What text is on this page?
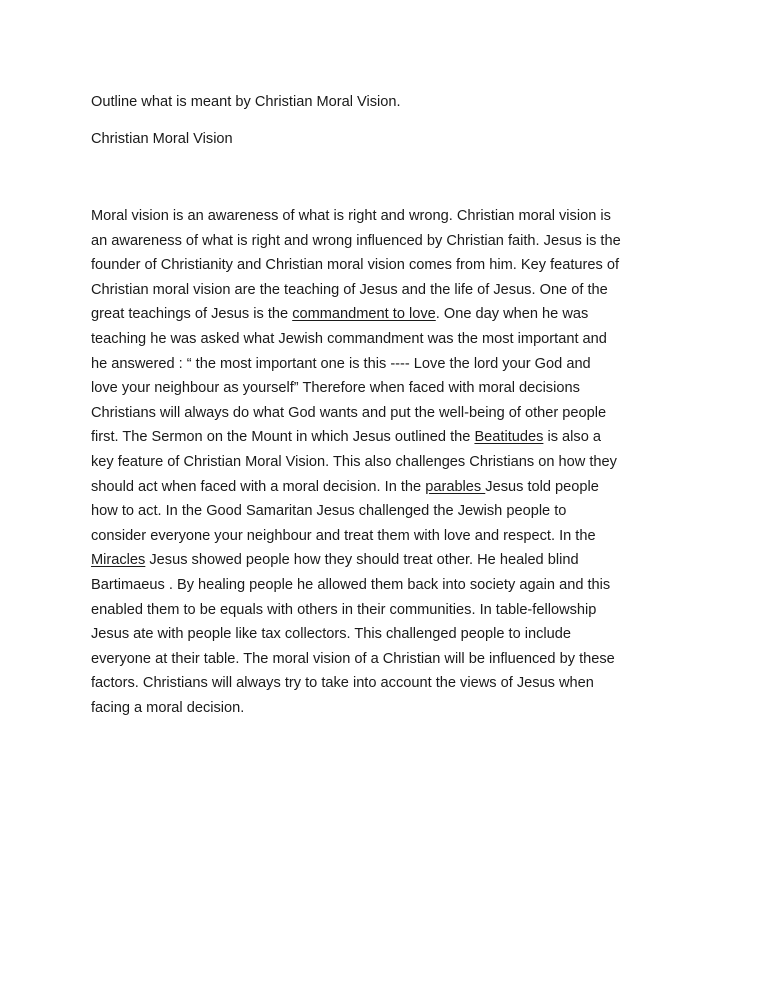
Outline what is meant by Christian Moral Vision.
Christian Moral Vision
Moral vision is an awareness of what is right and wrong. Christian moral vision is
an awareness of what is right and wrong influenced by Christian faith. Jesus is the
founder of Christianity and Christian moral vision comes from him. Key features of
Christian moral vision are the teaching of Jesus and the life of Jesus. One of the
great teachings of Jesus is the commandment to love. One day when he was
teaching he was asked what Jewish commandment was the most important and
he answered : “ the most important one is this ---- Love the lord your God and
love your neighbour as yourself” Therefore when faced with moral decisions
Christians will always do what God wants and put the well-being of other people
first. The Sermon on the Mount in which Jesus outlined the Beatitudes is also a
key feature of Christian Moral Vision. This also challenges Christians on how they
should act when faced with a moral decision. In the parables Jesus told people
how to act. In the Good Samaritan Jesus challenged the Jewish people to
consider everyone your neighbour and treat them with love and respect. In the
Miracles Jesus showed people how they should treat other. He healed blind
Bartimaeus . By healing people he allowed them back into society again and this
enabled them to be equals with others in their communities. In table-fellowship
Jesus ate with people like tax collectors. This challenged people to include
everyone at their table. The moral vision of a Christian will be influenced by these
factors. Christians will always try to take into account the views of Jesus when
facing a moral decision.
